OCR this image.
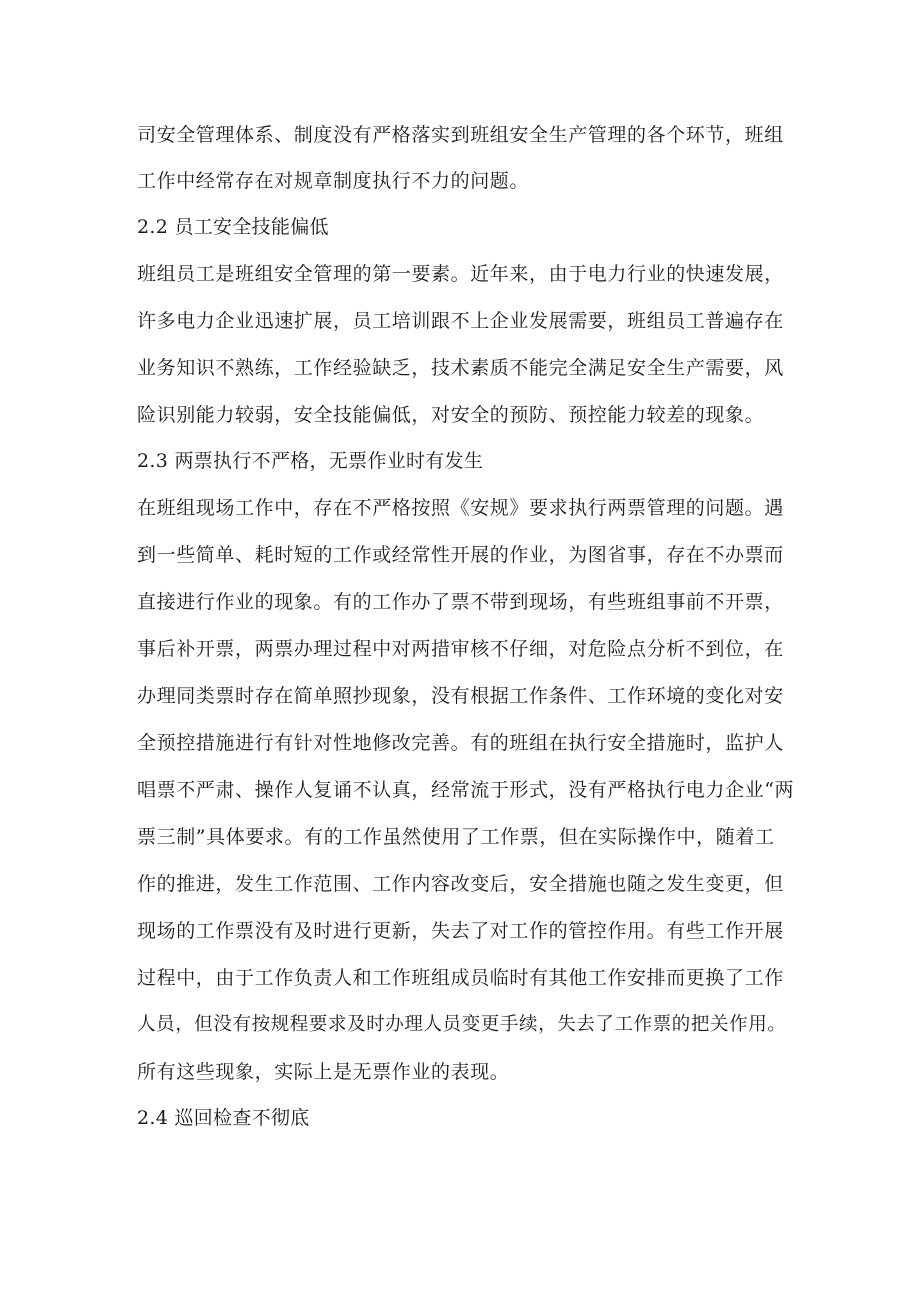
司安全管理体系、制度没有严格落实到班组安全生产管理的各个环节，班组
工作中经常存在对规章制度执行不力的问题。
2.2 员工安全技能偏低
班组员工是班组安全管理的第一要素。近年来，由于电力行业的快速发展，
许多电力企业迅速扩展，员工培训跟不上企业发展需要，班组员工普遍存在
业务知识不熟练，工作经验缺乏，技术素质不能完全满足安全生产需要，风
险识别能力较弱，安全技能偏低，对安全的预防、预控能力较差的现象。
2.3 两票执行不严格，无票作业时有发生
在班组现场工作中，存在不严格按照《安规》要求执行两票管理的问题。遇
到一些简单、耗时短的工作或经常性开展的作业，为图省事，存在不办票而
直接进行作业的现象。有的工作办了票不带到现场，有些班组事前不开票，
事后补开票，两票办理过程中对两措审核不仔细，对危险点分析不到位，在
办理同类票时存在简单照抄现象，没有根据工作条件、工作环境的变化对安
全预控措施进行有针对性地修改完善。有的班组在执行安全措施时，监护人
唱票不严肃、操作人复诵不认真，经常流于形式，没有严格执行电力企业“两
票三制”具体要求。有的工作虽然使用了工作票，但在实际操作中，随着工
作的推进，发生工作范围、工作内容改变后，安全措施也随之发生变更，但
现场的工作票没有及时进行更新，失去了对工作的管控作用。有些工作开展
过程中，由于工作负责人和工作班组成员临时有其他工作安排而更换了工作
人员，但没有按规程要求及时办理人员变更手续，失去了工作票的把关作用。
所有这些现象，实际上是无票作业的表现。
2.4 巡回检查不彻底
